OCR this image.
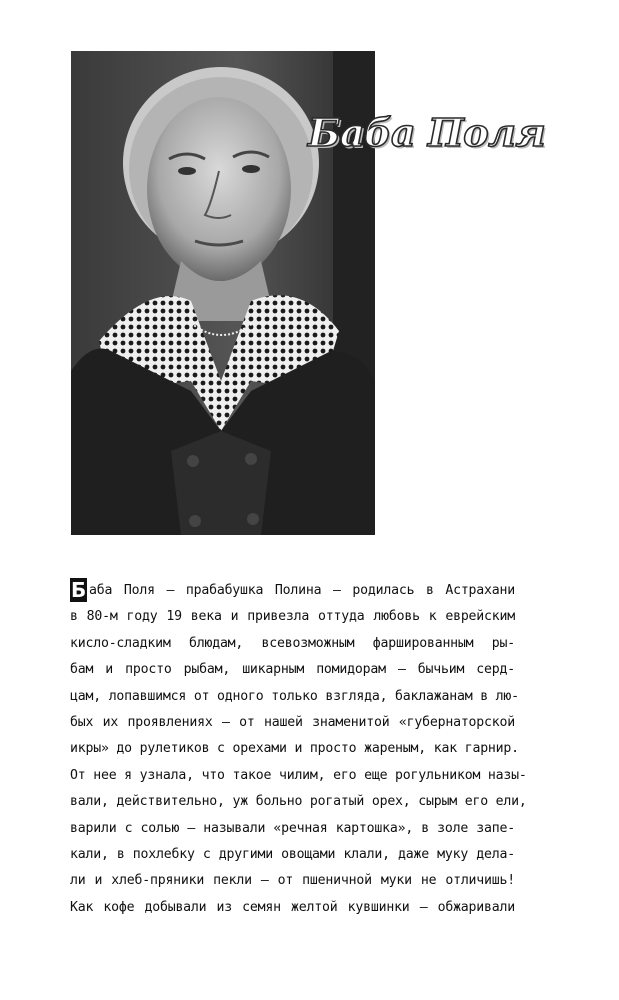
Баба Поля
Б аба Поля – прабабушка Полина – родилась в Астрахани
в 80-м году 19 века и привезла оттуда любовь к еврейским
кисло-сладким блюдам, всевозможным фаршированным ры-
бам и просто рыбам, шикарным помидорам – бычьим серд-
цам, лопавшимся от одного только взгляда, баклажанам в лю-
бых их проявлениях – от нашей знаменитой «губернаторской
икры» до рулетиков с орехами и просто жареным, как гарнир.
От нее я узнала, что такое чилим, его еще рогульником назы-
вали, действительно, уж больно рогатый орех, сырым его ели,
варили с солью – называли «речная картошка», в золе запе-
кали, в похлебку с другими овощами клали, даже муку дела-
ли и хлеб-пряники пекли – от пшеничной муки не отличишь!
Как кофе добывали из семян желтой кувшинки – обжаривали
